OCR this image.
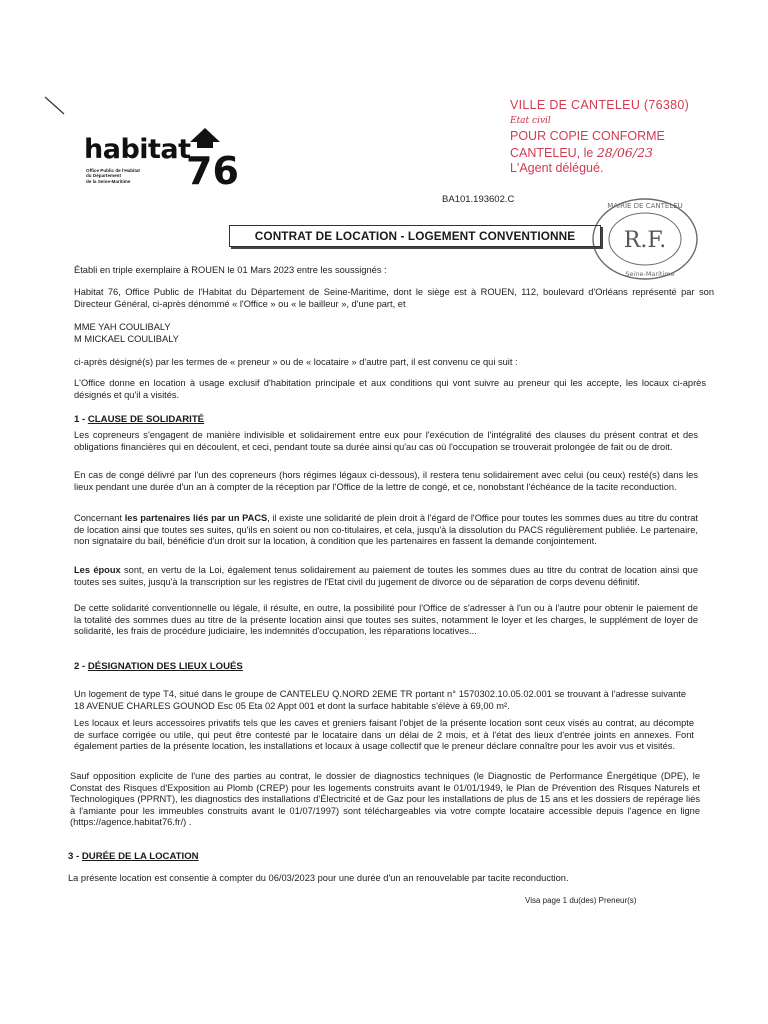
habitat
Office Public de l'Habitat
du Département
de la Seine-Maritime	76
VILLE DE CANTELEU (76380)
Etat civil
POUR COPIE CONFORME
CANTELEU, le 28/06/23
L'Agent délégué.
R.F.
MAIRIE DE CANTELEU
Seine-Maritime
BA101.193602.C
CONTRAT DE LOCATION - LOGEMENT CONVENTIONNE
Établi en triple exemplaire à ROUEN le 01 Mars 2023 entre les soussignés :
Habitat 76, Office Public de l'Habitat du Département de Seine-Maritime, dont le siège est à ROUEN, 112, boulevard d'Orléans représenté par son Directeur Général, ci-après dénommé « l'Office » ou « le bailleur », d'une part, et
MME YAH COULIBALY
M MICKAEL COULIBALY
ci-après désigné(s) par les termes de « preneur » ou de « locataire » d'autre part, il est convenu ce qui suit :
L'Office donne en location à usage exclusif d'habitation principale et aux conditions qui vont suivre au preneur qui les accepte, les locaux ci-après désignés et qu'il a visités.
1 - CLAUSE DE SOLIDARITÉ
Les copreneurs s'engagent de manière indivisible et solidairement entre eux pour l'exécution de l'intégralité des clauses du présent contrat et des obligations financières qui en découlent, et ceci, pendant toute sa durée ainsi qu'au cas où l'occupation se trouverait prolongée de fait ou de droit.
En cas de congé délivré par l'un des copreneurs (hors régimes légaux ci-dessous), il restera tenu solidairement avec celui (ou ceux) resté(s) dans les lieux pendant une durée d'un an à compter de la réception par l'Office de la lettre de congé, et ce, nonobstant l'échéance de la tacite reconduction.
Concernant les partenaires liés par un PACS, il existe une solidarité de plein droit à l'égard de l'Office pour toutes les sommes dues au titre du contrat de location ainsi que toutes ses suites, qu'ils en soient ou non co-titulaires, et cela, jusqu'à la dissolution du PACS régulièrement publiée. Le partenaire, non signataire du bail, bénéficie d'un droit sur la location, à condition que les partenaires en fassent la demande conjointement.
Les époux sont, en vertu de la Loi, également tenus solidairement au paiement de toutes les sommes dues au titre du contrat de location ainsi que toutes ses suites, jusqu'à la transcription sur les registres de l'Etat civil du jugement de divorce ou de séparation de corps devenu définitif.
De cette solidarité conventionnelle ou légale, il résulte, en outre, la possibilité pour l'Office de s'adresser à l'un ou à l'autre pour obtenir le paiement de la totalité des sommes dues au titre de la présente location ainsi que toutes ses suites, notamment le loyer et les charges, le supplément de loyer de solidarité, les frais de procédure judiciaire, les indemnités d'occupation, les réparations locatives...
2 - DÉSIGNATION DES LIEUX LOUÉS
Un logement de type T4, situé dans le groupe de CANTELEU Q.NORD 2EME TR portant n° 1570302.10.05.02.001 se trouvant à l'adresse suivante 18 AVENUE CHARLES GOUNOD Esc 05 Eta 02 Appt 001 et dont la surface habitable s'élève à 69,00 m².
Les locaux et leurs accessoires privatifs tels que les caves et greniers faisant l'objet de la présente location sont ceux visés au contrat, au décompte de surface corrigée ou utile, qui peut être contesté par le locataire dans un délai de 2 mois, et à l'état des lieux d'entrée joints en annexes. Font également parties de la présente location, les installations et locaux à usage collectif que le preneur déclare connaître pour les avoir vus et visités.
Sauf opposition explicite de l'une des parties au contrat, le dossier de diagnostics techniques (le Diagnostic de Performance Énergétique (DPE), le Constat des Risques d'Exposition au Plomb (CREP) pour les logements construits avant le 01/01/1949, le Plan de Prévention des Risques Naturels et Technologiques (PPRNT), les diagnostics des installations d'Électricité et de Gaz pour les installations de plus de 15 ans et les dossiers de repérage liés à l'amiante pour les immeubles construits avant le 01/07/1997) sont téléchargeables via votre compte locataire accessible depuis l'agence en ligne (https://agence.habitat76.fr/) .
3 - DURÉE DE LA LOCATION
La présente location est consentie à compter du 06/03/2023 pour une durée d'un an renouvelable par tacite reconduction.
Visa page 1 du(des) Preneur(s)
